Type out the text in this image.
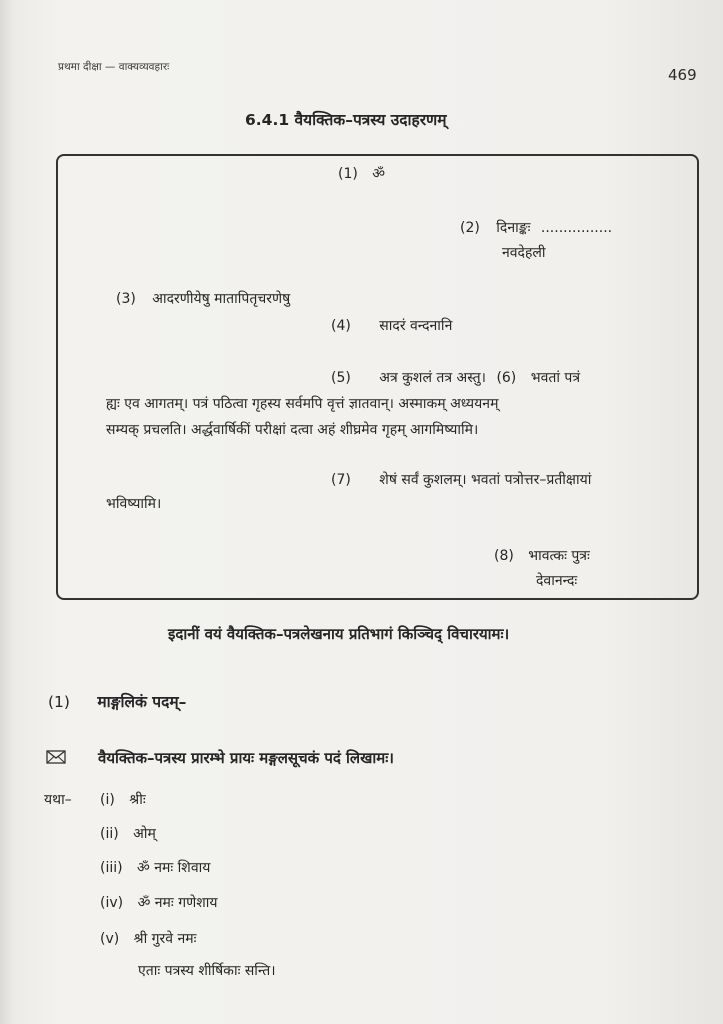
प्रथमा दीक्षा — वाक्यव्यवहारः	469
6.4.1 वैयक्तिक–पत्रस्य उदाहरणम्
(1) ॐ
(2) दिनाङ्कः ................
नवदेहली
(3) आदरणीयेषु मातापितृचरणेषु
(4) सादरं वन्दनानि
(5) अत्र कुशलं तत्र अस्तु। (6) भवतां पत्रं
ह्यः एव आगतम्। पत्रं पठित्वा गृहस्य सर्वमपि वृत्तं ज्ञातवान्। अस्माकम् अध्ययनम्
सम्यक् प्रचलति। अर्द्धवार्षिकीं परीक्षां दत्वा अहं शीघ्रमेव गृहम् आगमिष्यामि।
(7) शेषं सर्वं कुशलम्। भवतां पत्रोत्तर–प्रतीक्षायां
भविष्यामि।
(8) भावत्कः पुत्रः
देवानन्दः
इदानीं वयं वैयक्तिक–पत्रलेखनाय प्रतिभागं किञ्चिद् विचारयामः।
(1) माङ्गलिकं पदम्–
वैयक्तिक–पत्रस्य प्रारम्भे प्रायः मङ्गलसूचकं पदं लिखामः।
यथा– (i) श्रीः
(ii) ओम्
(iii) ॐ नमः शिवाय
(iv) ॐ नमः गणेशाय
(v) श्री गुरवे नमः
एताः पत्रस्य शीर्षिकाः सन्ति।
